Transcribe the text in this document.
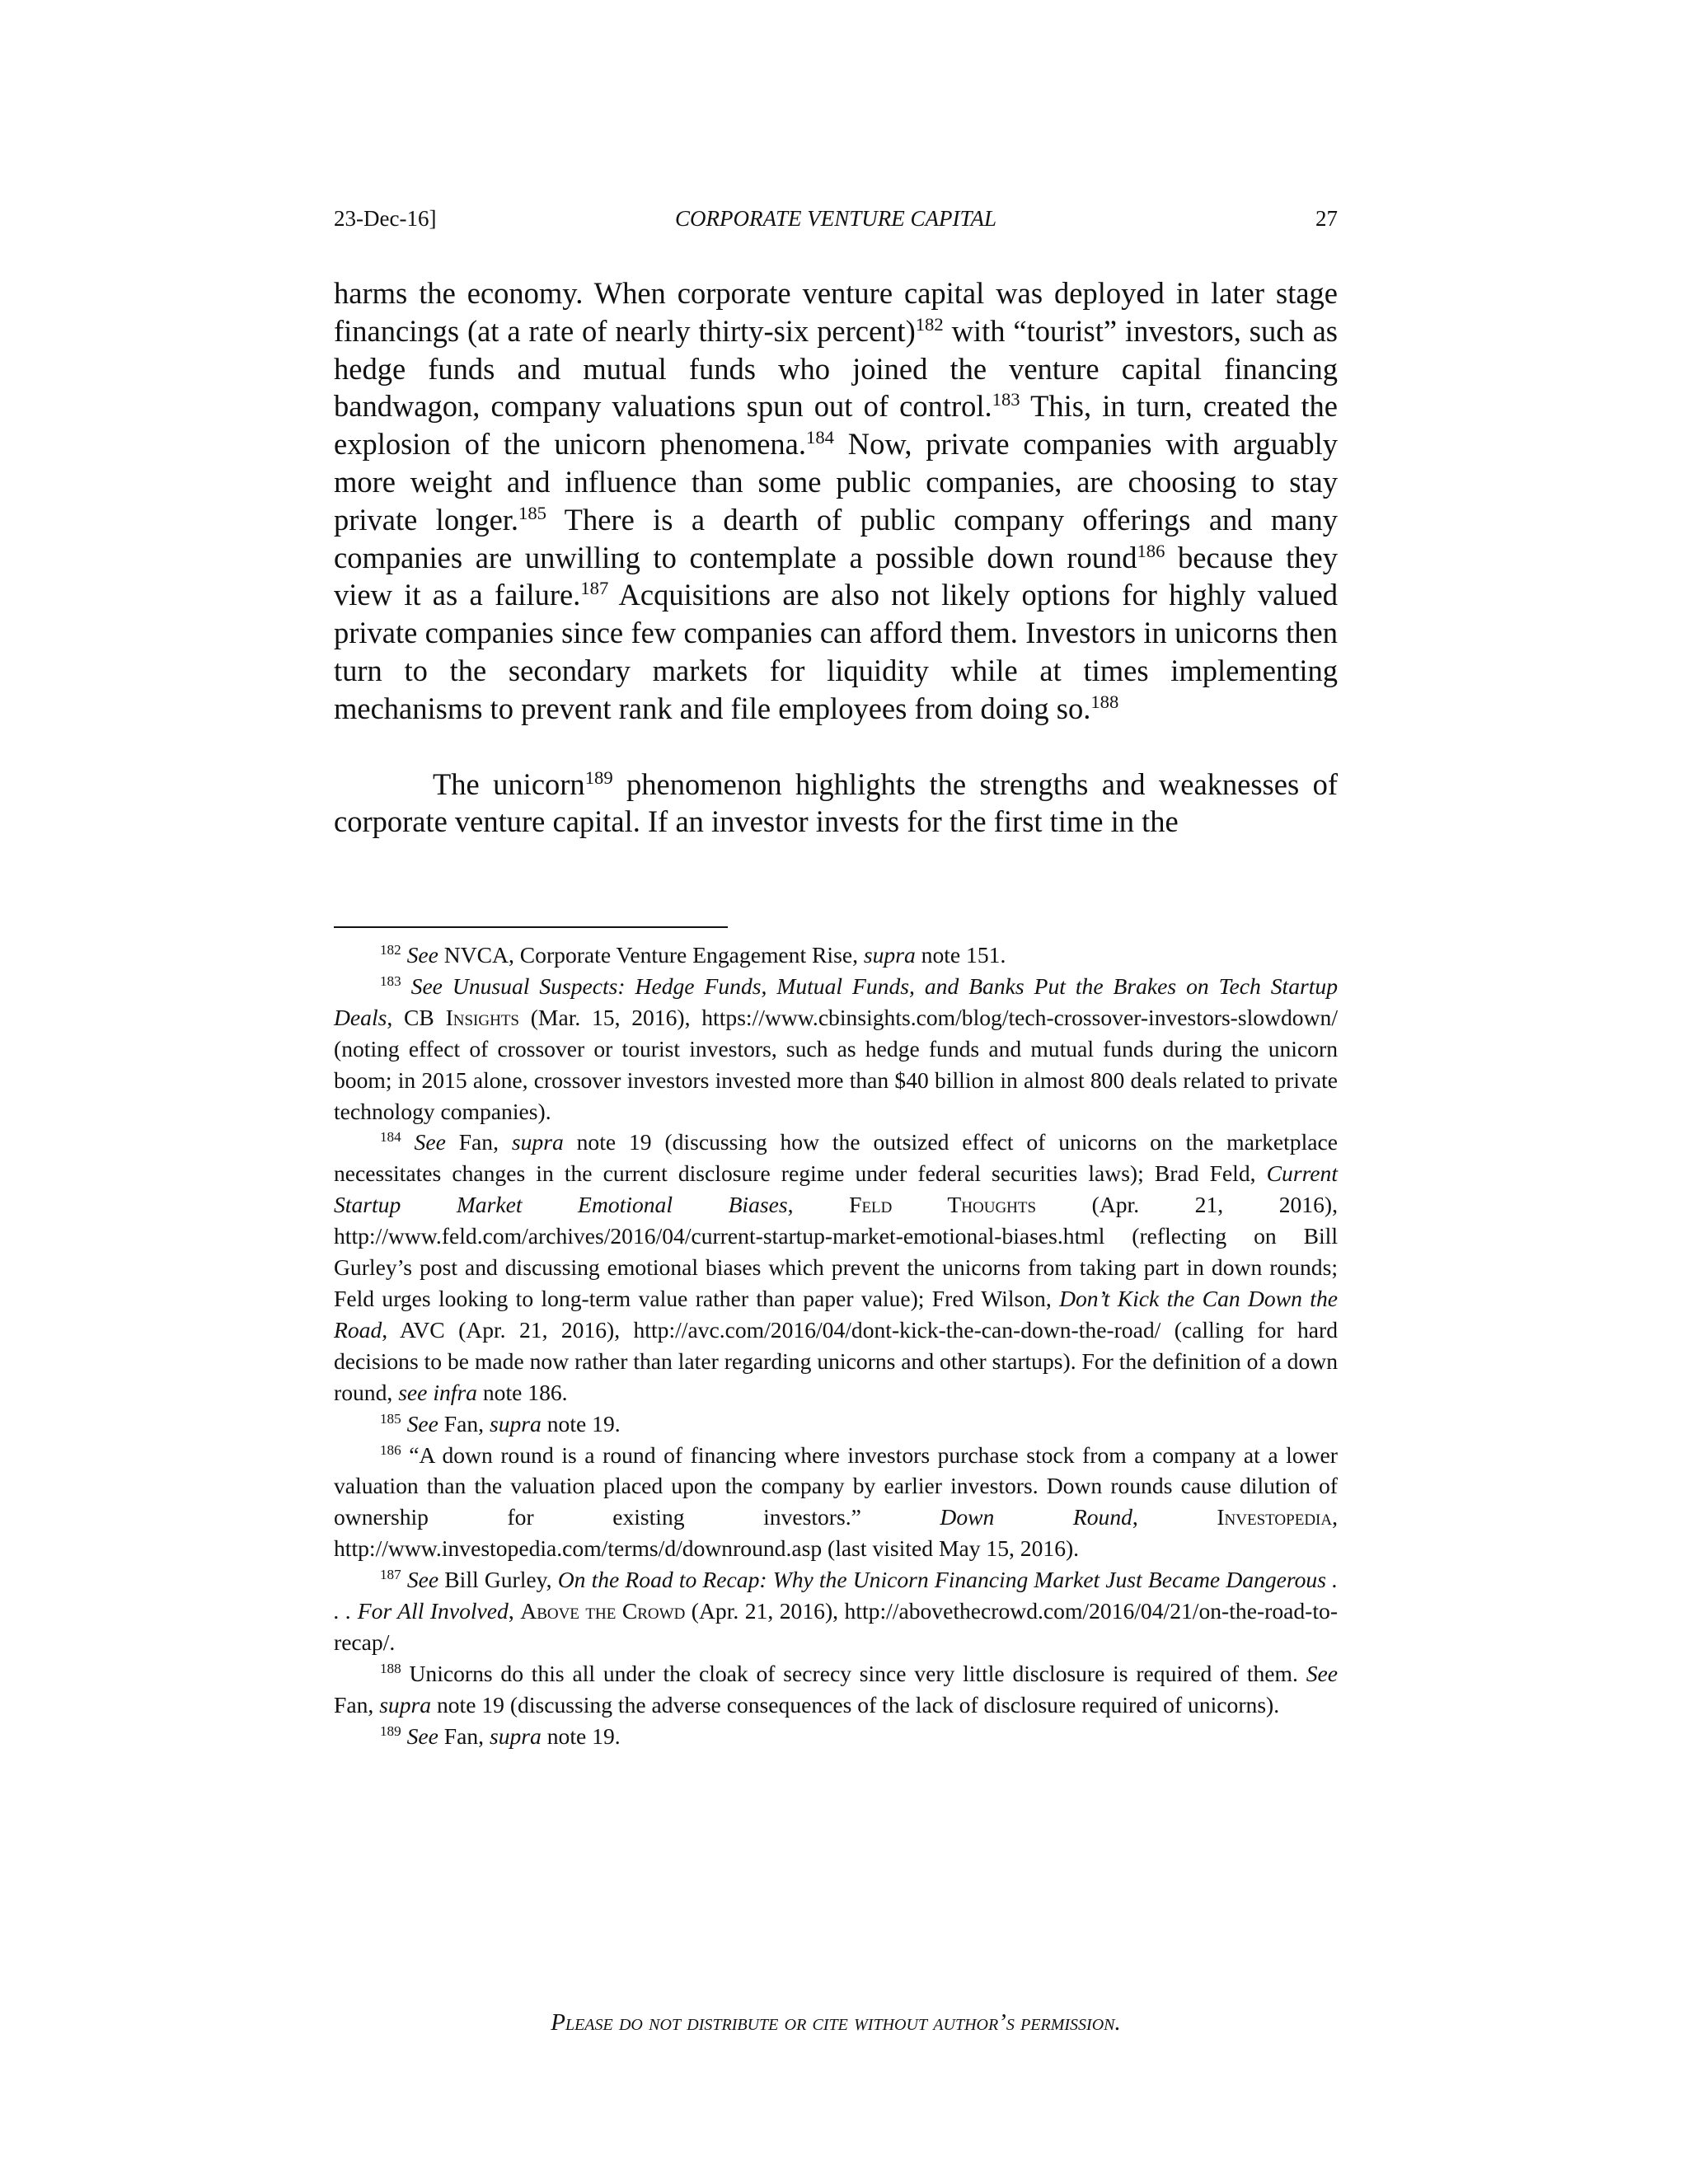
23-Dec-16]	CORPORATE VENTURE CAPITAL	27

harms the economy. When corporate venture capital was deployed in later stage financings (at a rate of nearly thirty-six percent)$^{182}$ with “tourist” investors, such as hedge funds and mutual funds who joined the venture capital financing bandwagon, company valuations spun out of control.$^{183}$ This, in turn, created the explosion of the unicorn phenomena.$^{184}$ Now, private companies with arguably more weight and influence than some public companies, are choosing to stay private longer.$^{185}$ There is a dearth of public company offerings and many companies are unwilling to contemplate a possible down round$^{186}$ because they view it as a failure.$^{187}$ Acquisitions are also not likely options for highly valued private companies since few companies can afford them. Investors in unicorns then turn to the secondary markets for liquidity while at times implementing mechanisms to prevent rank and file employees from doing so.$^{188}$

The unicorn$^{189}$ phenomenon highlights the strengths and weaknesses of corporate venture capital. If an investor invests for the first time in the

$^{182}$ See NVCA, Corporate Venture Engagement Rise, supra note 151.

$^{183}$ See Unusual Suspects: Hedge Funds, Mutual Funds, and Banks Put the Brakes on Tech Startup Deals, CB Insights (Mar. 15, 2016), https://www.cbinsights.com/blog/tech-crossover-investors-slowdown/ (noting effect of crossover or tourist investors, such as hedge funds and mutual funds during the unicorn boom; in 2015 alone, crossover investors invested more than $40 billion in almost 800 deals related to private technology companies).

$^{184}$ See Fan, supra note 19 (discussing how the outsized effect of unicorns on the marketplace necessitates changes in the current disclosure regime under federal securities laws); Brad Feld, Current Startup Market Emotional Biases, Feld Thoughts (Apr. 21, 2016), http://www.feld.com/archives/2016/04/current-startup-market-emotional-biases.html (reflecting on Bill Gurley’s post and discussing emotional biases which prevent the unicorns from taking part in down rounds; Feld urges looking to long-term value rather than paper value); Fred Wilson, Don’t Kick the Can Down the Road, AVC (Apr. 21, 2016), http://avc.com/2016/04/dont-kick-the-can-down-the-road/ (calling for hard decisions to be made now rather than later regarding unicorns and other startups). For the definition of a down round, see infra note 186.

$^{185}$ See Fan, supra note 19.

$^{186}$ “A down round is a round of financing where investors purchase stock from a company at a lower valuation than the valuation placed upon the company by earlier investors. Down rounds cause dilution of ownership for existing investors.” Down Round, Investopedia, http://www.investopedia.com/terms/d/downround.asp (last visited May 15, 2016).

$^{187}$ See Bill Gurley, On the Road to Recap: Why the Unicorn Financing Market Just Became Dangerous . . . For All Involved, Above the Crowd (Apr. 21, 2016), http://abovethecrowd.com/2016/04/21/on-the-road-to-recap/.

$^{188}$ Unicorns do this all under the cloak of secrecy since very little disclosure is required of them. See Fan, supra note 19 (discussing the adverse consequences of the lack of disclosure required of unicorns).

$^{189}$ See Fan, supra note 19.

Please do not distribute or cite without author’s permission.
